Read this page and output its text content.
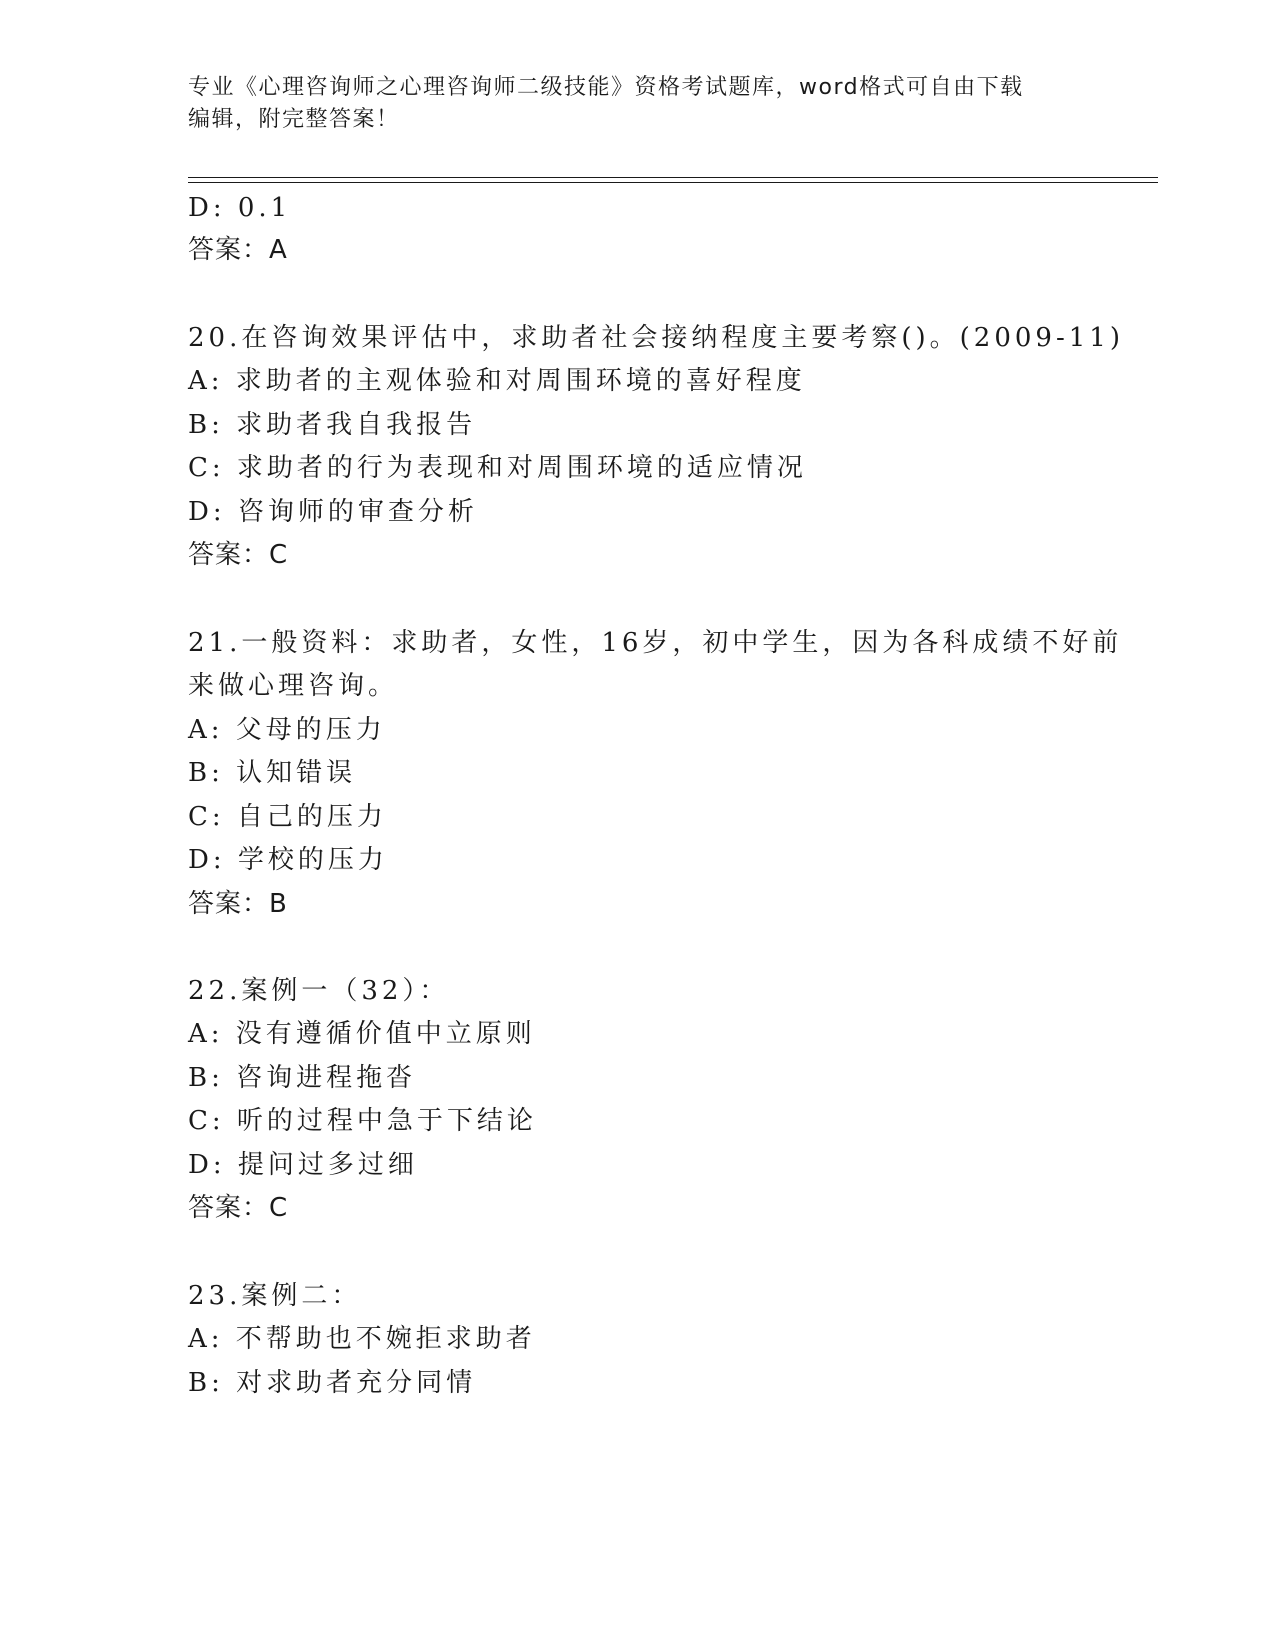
专业《心理咨询师之心理咨询师二级技能》资格考试题库，word格式可自由下载
编辑，附完整答案！
D: 0.1
答案：A
20.在咨询效果评估中，求助者社会接纳程度主要考察()。(2009-11)
A: 求助者的主观体验和对周围环境的喜好程度
B: 求助者我自我报告
C: 求助者的行为表现和对周围环境的适应情况
D: 咨询师的审查分析
答案：C
21.一般资料：求助者，女性，16岁，初中学生，因为各科成绩不好前
来做心理咨询。
A: 父母的压力
B: 认知错误
C: 自己的压力
D: 学校的压力
答案：B
22.案例一（32）：
A: 没有遵循价值中立原则
B: 咨询进程拖沓
C: 听的过程中急于下结论
D: 提问过多过细
答案：C
23.案例二：
A: 不帮助也不婉拒求助者
B: 对求助者充分同情
